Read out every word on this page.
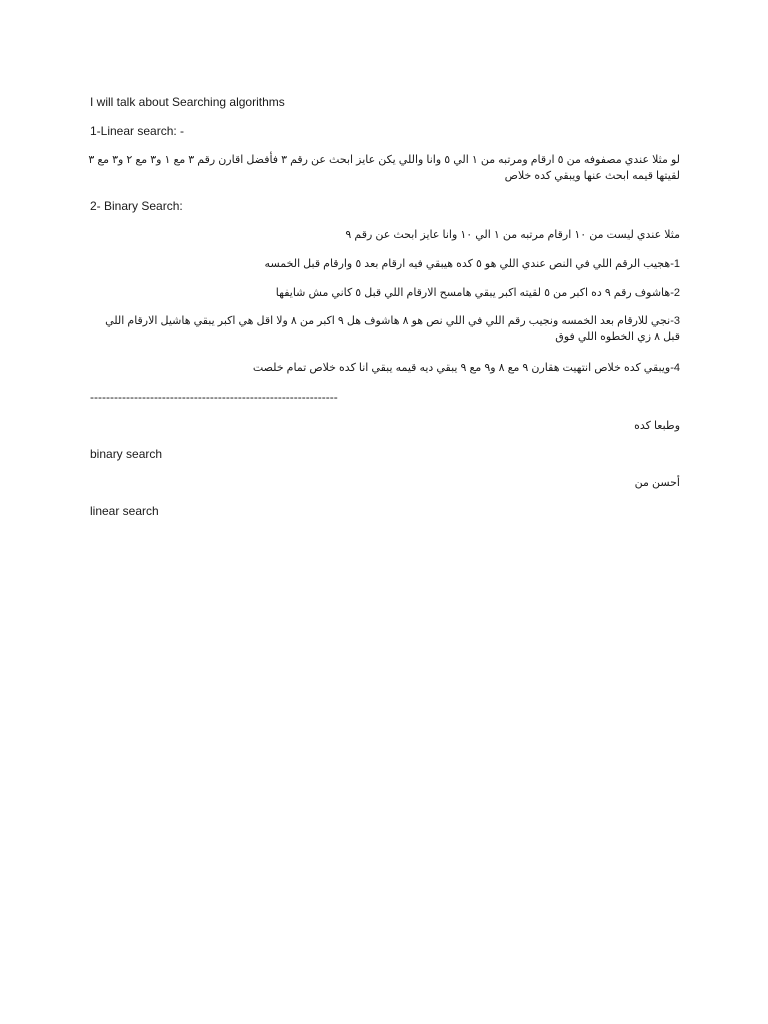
I will talk about Searching algorithms
1-Linear search: -
لو مثلا عندي مصفوفه من ٥ ارقام ومرتبه من ١ الي ٥ وانا واللي يكن عايز ابحث عن رقم ٣ فأفضل اقارن رقم ٣ مع ١ و٣ مع ٢ و٣ مع ٣ لقيتها قيمه ابحث عنها ويبقي كده خلاص
2- Binary Search:
مثلا عندي ليست من ١٠ ارقام مرتبه من ١ الي ١٠ وانا عايز ابحث عن رقم ٩
1-هجيب الرقم اللي في النص عندي اللي هو ٥ كده هيبقي فيه ارقام بعد ٥ وارقام قبل الخمسه
2-هاشوف رقم ٩ ده اكبر من ٥ لقيته اكبر يبقي هامسح الارقام اللي قبل ٥ كاني مش شايفها
3-نجي للارقام بعد الخمسه ونجيب رقم اللي في اللي نص هو ٨ هاشوف هل ٩ اكبر من ٨ ولا اقل هي اكبر يبقي هاشيل الارقام اللي قبل ٨ زي الخطوه اللي فوق
4-ويبقي كده خلاص انتهيت هقارن ٩ مع ٨ و٩ مع ٩ يبقي ديه قيمه يبقي انا كده خلاص تمام خلصت
--------------------------------------------------------------
وطبعا كده
binary search
أحسن من
linear search
